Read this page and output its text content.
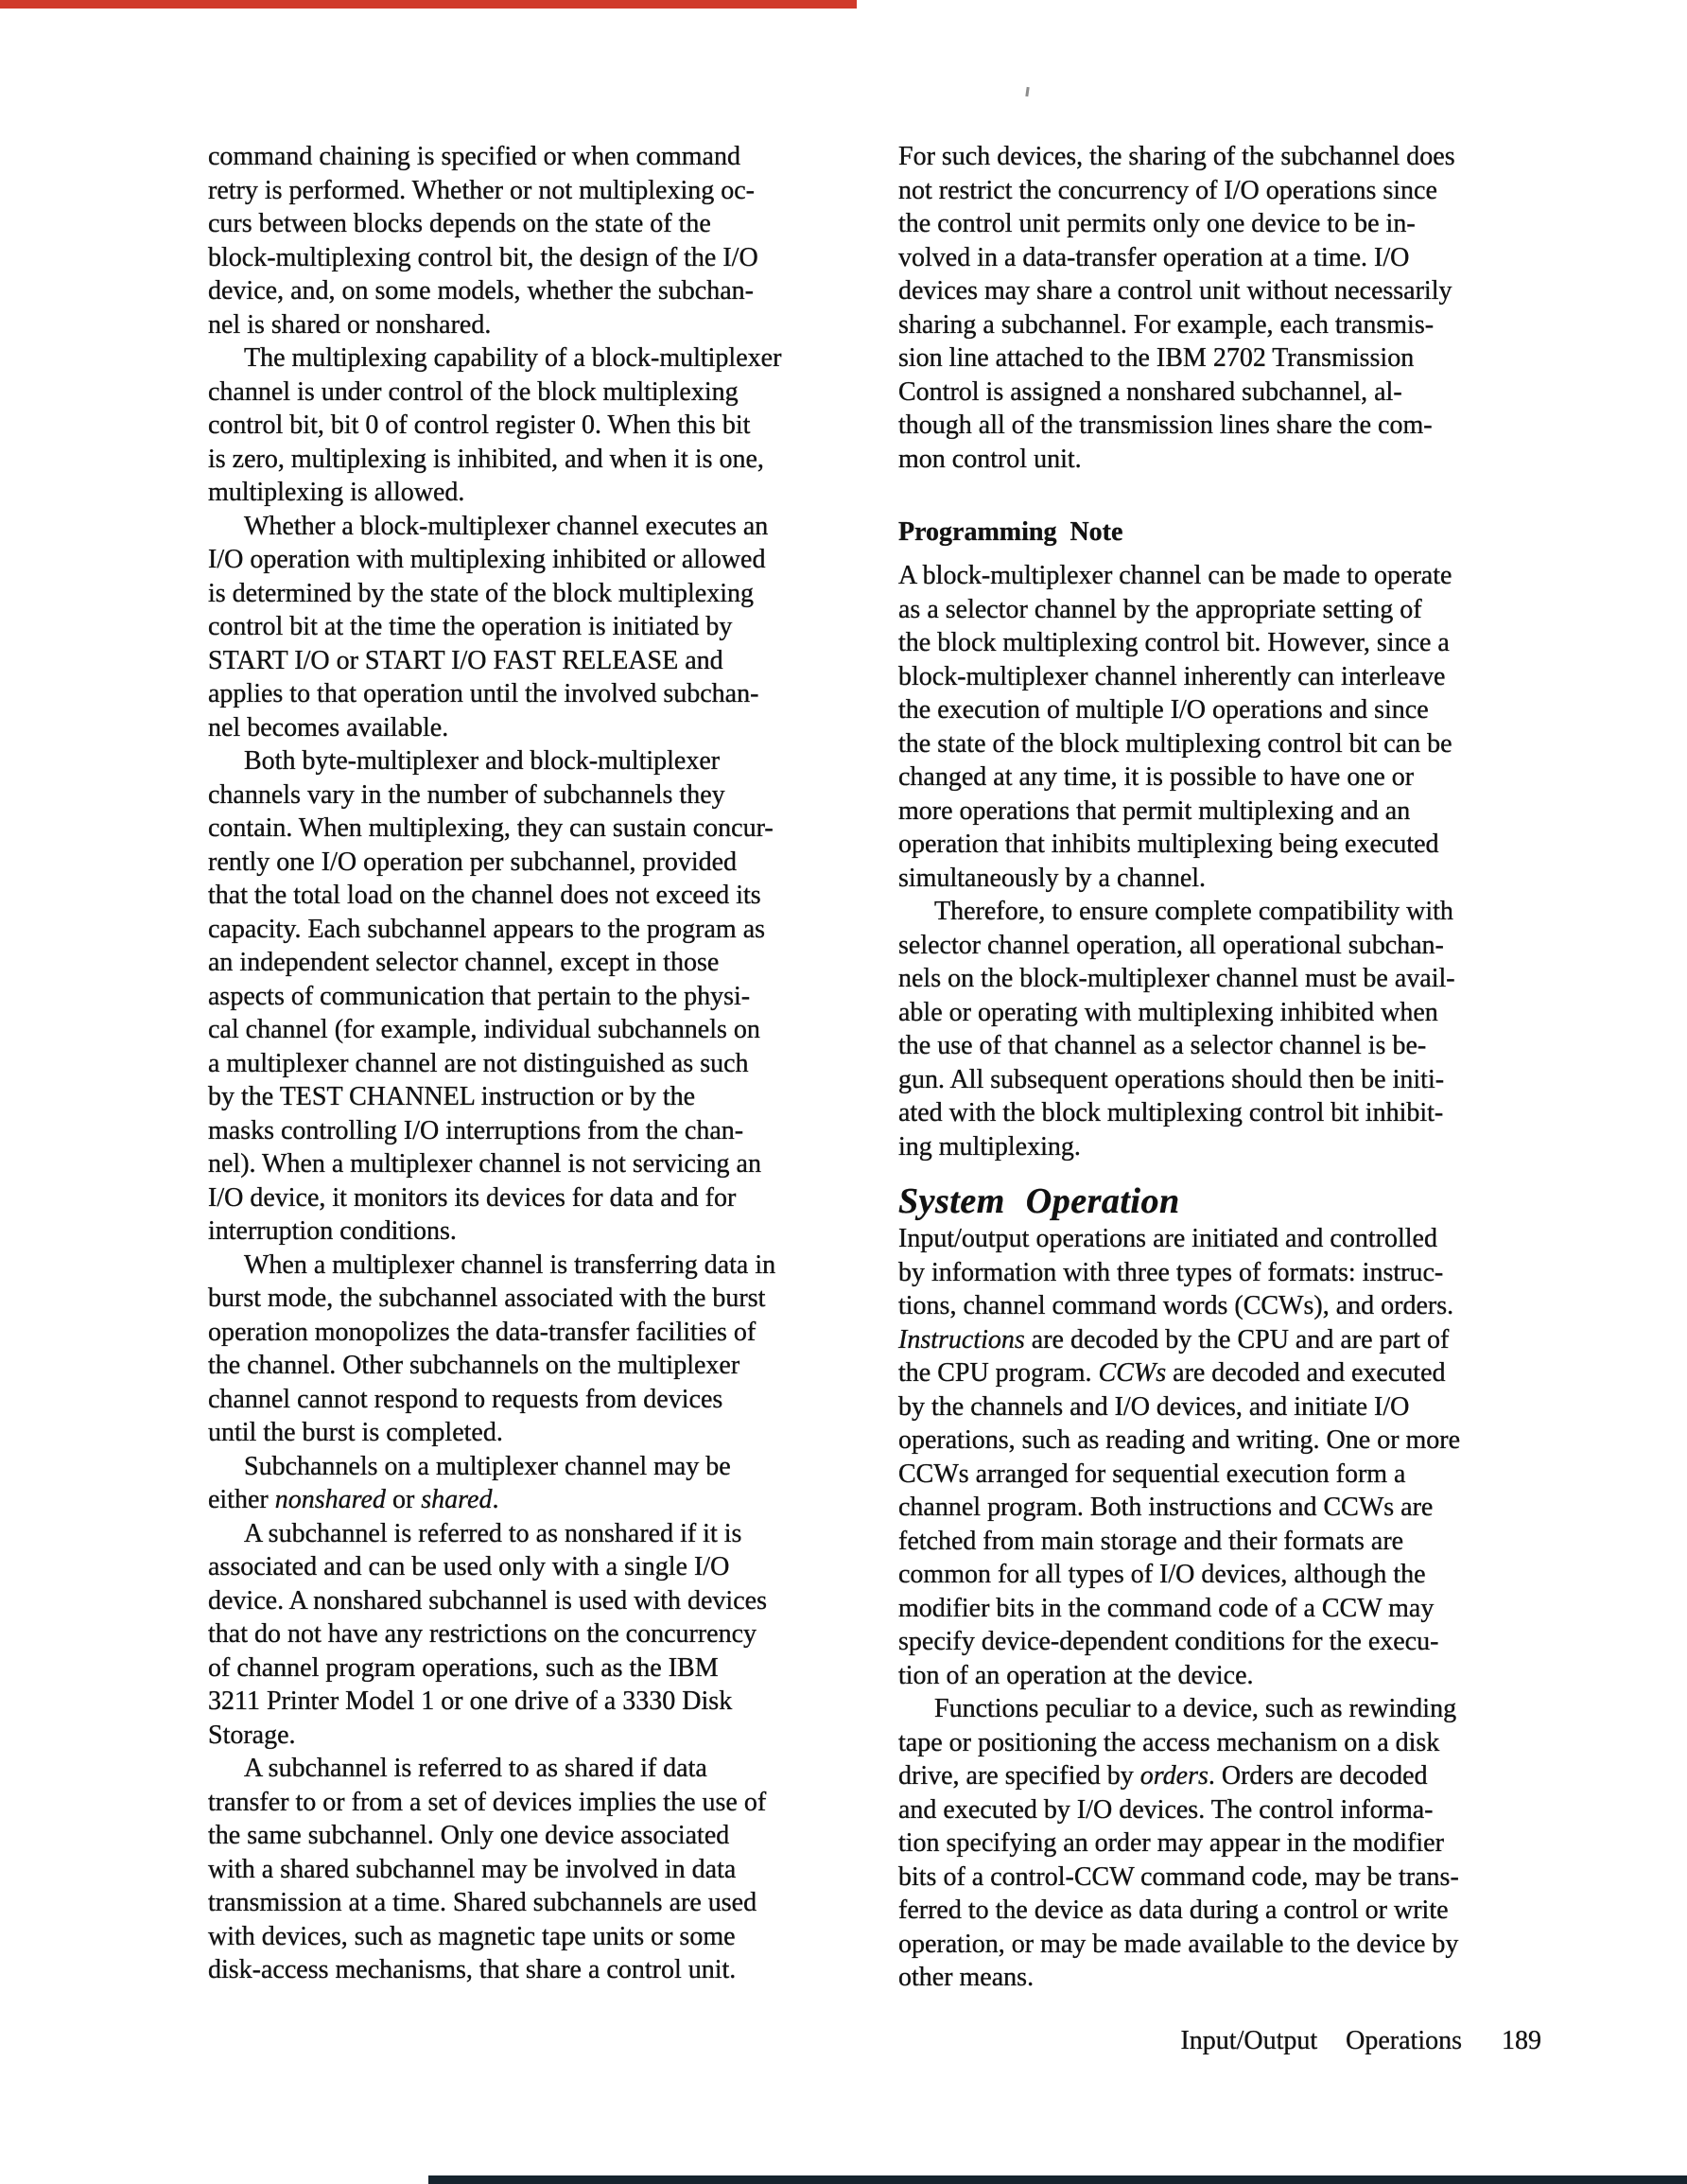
command chaining is specified or when command
retry is performed. Whether or not multiplexing oc-
curs between blocks depends on the state of the
block-multiplexing control bit, the design of the I/O
device, and, on some models, whether the subchan-
nel is shared or nonshared.

The multiplexing capability of a block-multiplexer
channel is under control of the block multiplexing
control bit, bit 0 of control register 0. When this bit
is zero, multiplexing is inhibited, and when it is one,
multiplexing is allowed.

Whether a block-multiplexer channel executes an
I/O operation with multiplexing inhibited or allowed
is determined by the state of the block multiplexing
control bit at the time the operation is initiated by
START I/O or START I/O FAST RELEASE and
applies to that operation until the involved subchan-
nel becomes available.

Both byte-multiplexer and block-multiplexer
channels vary in the number of subchannels they
contain. When multiplexing, they can sustain concur-
rently one I/O operation per subchannel, provided
that the total load on the channel does not exceed its
capacity. Each subchannel appears to the program as
an independent selector channel, except in those
aspects of communication that pertain to the physi-
cal channel (for example, individual subchannels on
a multiplexer channel are not distinguished as such
by the TEST CHANNEL instruction or by the
masks controlling I/O interruptions from the chan-
nel). When a multiplexer channel is not servicing an
I/O device, it monitors its devices for data and for
interruption conditions.

When a multiplexer channel is transferring data in
burst mode, the subchannel associated with the burst
operation monopolizes the data-transfer facilities of
the channel. Other subchannels on the multiplexer
channel cannot respond to requests from devices
until the burst is completed.

Subchannels on a multiplexer channel may be
either nonshared or shared.

A subchannel is referred to as nonshared if it is
associated and can be used only with a single I/O
device. A nonshared subchannel is used with devices
that do not have any restrictions on the concurrency
of channel program operations, such as the IBM
3211 Printer Model 1 or one drive of a 3330 Disk
Storage.

A subchannel is referred to as shared if data
transfer to or from a set of devices implies the use of
the same subchannel. Only one device associated
with a shared subchannel may be involved in data
transmission at a time. Shared subchannels are used
with devices, such as magnetic tape units or some
disk-access mechanisms, that share a control unit.

For such devices, the sharing of the subchannel does
not restrict the concurrency of I/O operations since
the control unit permits only one device to be in-
volved in a data-transfer operation at a time. I/O
devices may share a control unit without necessarily
sharing a subchannel. For example, each transmis-
sion line attached to the IBM 2702 Transmission
Control is assigned a nonshared subchannel, al-
though all of the transmission lines share the com-
mon control unit.

Programming Note

A block-multiplexer channel can be made to operate
as a selector channel by the appropriate setting of
the block multiplexing control bit. However, since a
block-multiplexer channel inherently can interleave
the execution of multiple I/O operations and since
the state of the block multiplexing control bit can be
changed at any time, it is possible to have one or
more operations that permit multiplexing and an
operation that inhibits multiplexing being executed
simultaneously by a channel.

Therefore, to ensure complete compatibility with
selector channel operation, all operational subchan-
nels on the block-multiplexer channel must be avail-
able or operating with multiplexing inhibited when
the use of that channel as a selector channel is be-
gun. All subsequent operations should then be initi-
ated with the block multiplexing control bit inhibit-
ing multiplexing.

System Operation

Input/output operations are initiated and controlled
by information with three types of formats: instruc-
tions, channel command words (CCWs), and orders.
Instructions are decoded by the CPU and are part of
the CPU program. CCWs are decoded and executed
by the channels and I/O devices, and initiate I/O
operations, such as reading and writing. One or more
CCWs arranged for sequential execution form a
channel program. Both instructions and CCWs are
fetched from main storage and their formats are
common for all types of I/O devices, although the
modifier bits in the command code of a CCW may
specify device-dependent conditions for the execu-
tion of an operation at the device.

Functions peculiar to a device, such as rewinding
tape or positioning the access mechanism on a disk
drive, are specified by orders. Orders are decoded
and executed by I/O devices. The control informa-
tion specifying an order may appear in the modifier
bits of a control-CCW command code, may be trans-
ferred to the device as data during a control or write
operation, or may be made available to the device by
other means.

Input/Output Operations 189
